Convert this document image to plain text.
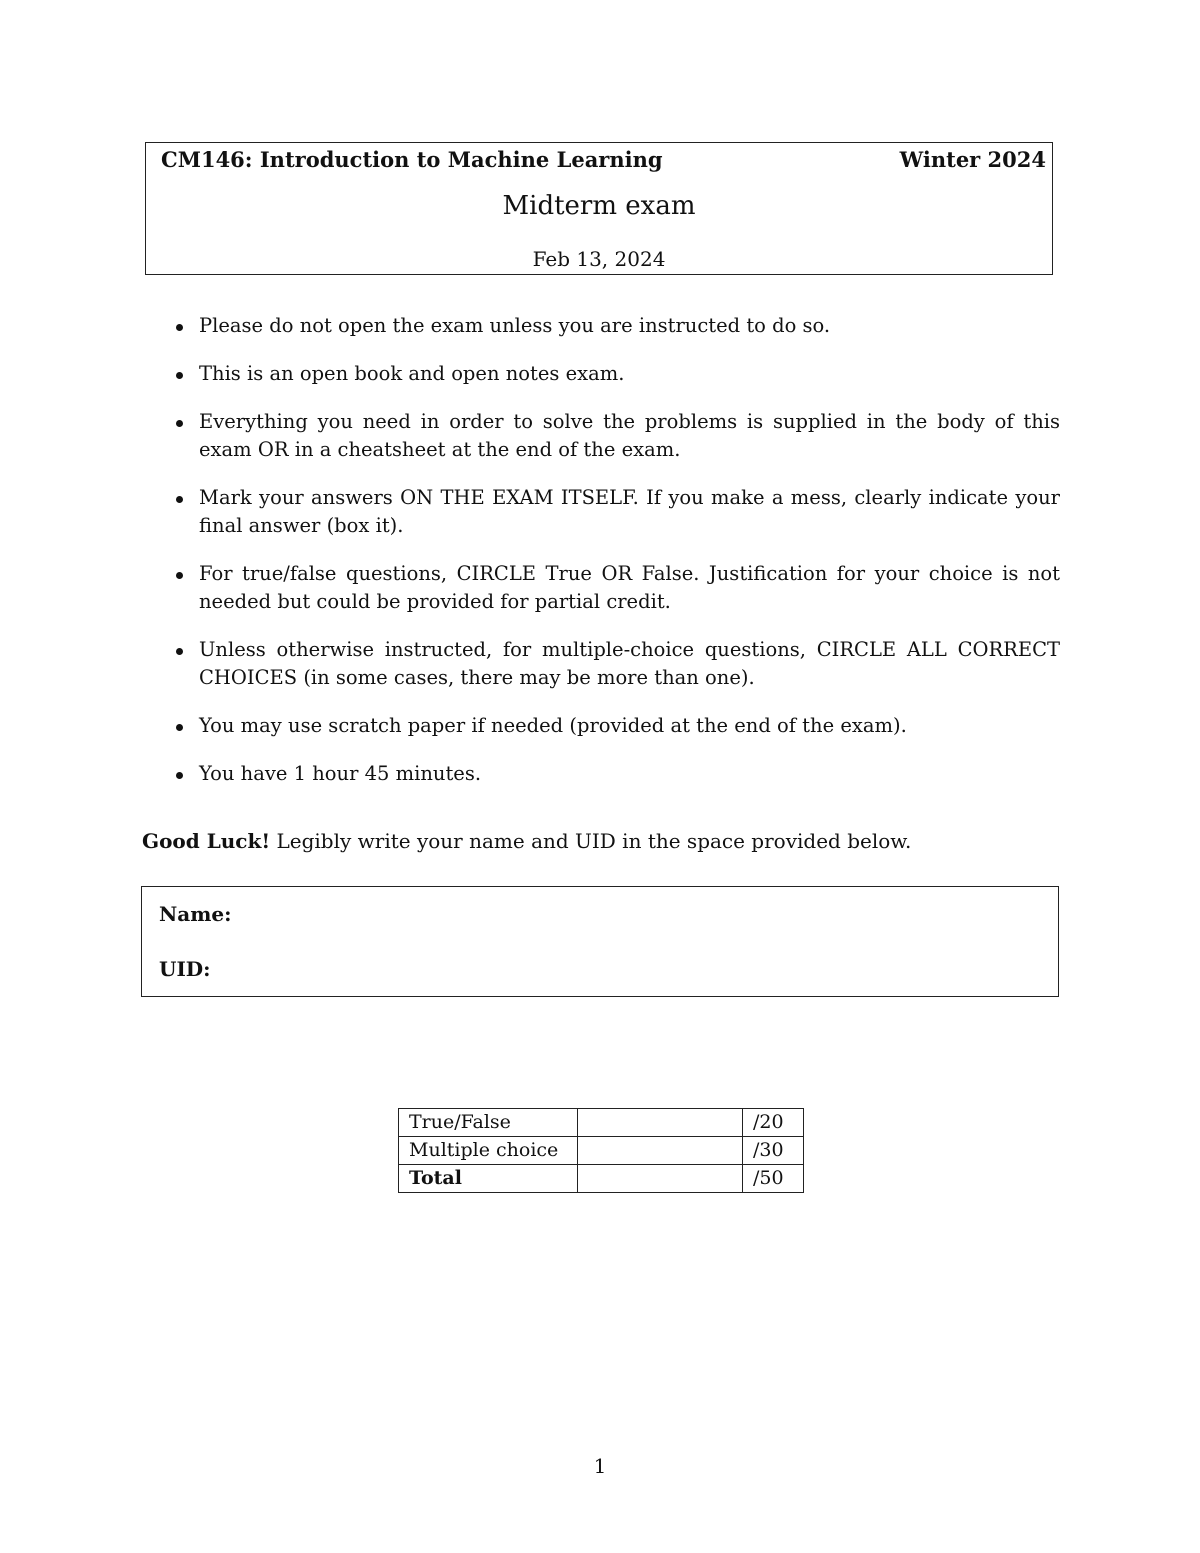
CM146: Introduction to Machine Learning	Winter 2024
Midterm exam
Feb 13, 2024
Please do not open the exam unless you are instructed to do so.
This is an open book and open notes exam.
Everything you need in order to solve the problems is supplied in the body of this exam OR in a cheatsheet at the end of the exam.
Mark your answers ON THE EXAM ITSELF. If you make a mess, clearly indicate your final answer (box it).
For true/false questions, CIRCLE True OR False. Justification for your choice is not needed but could be provided for partial credit.
Unless otherwise instructed, for multiple-choice questions, CIRCLE ALL CORRECT CHOICES (in some cases, there may be more than one).
You may use scratch paper if needed (provided at the end of the exam).
You have 1 hour 45 minutes.
Good Luck! Legibly write your name and UID in the space provided below.
Name:
UID:
True/False		/20
Multiple choice		/30
Total		/50
1
